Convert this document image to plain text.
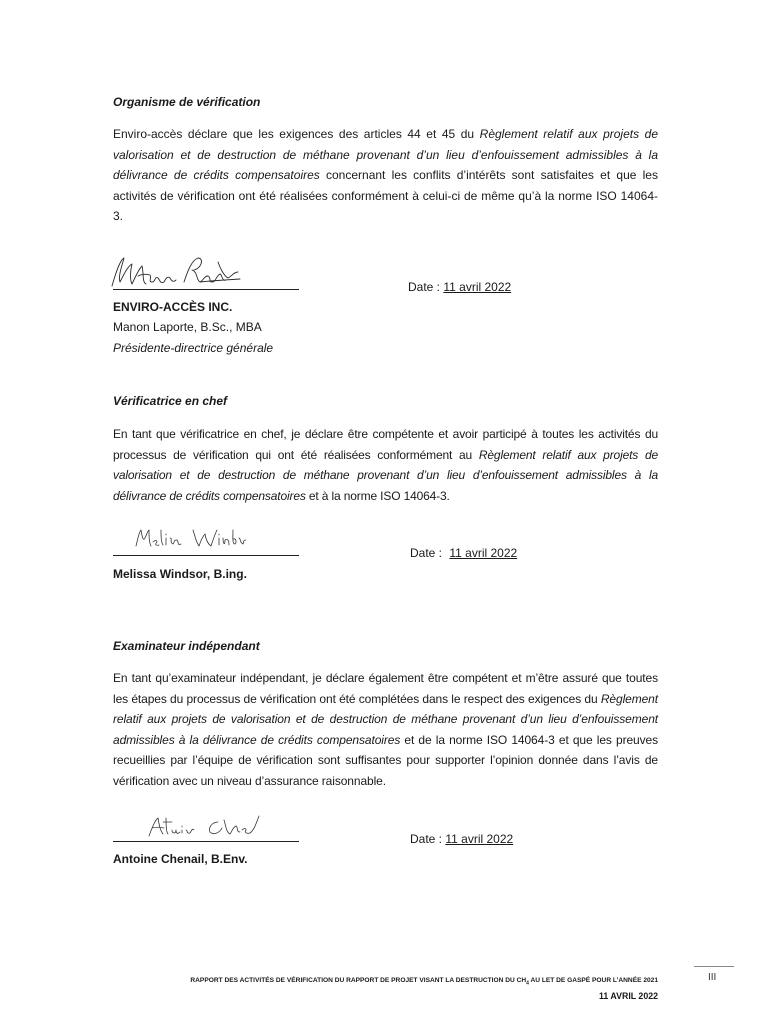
Organisme de vérification

Enviro-accès déclare que les exigences des articles 44 et 45 du Règlement relatif aux projets de valorisation et de destruction de méthane provenant d’un lieu d’enfouissement admissibles à la délivrance de crédits compensatoires concernant les conflits d’intérêts sont satisfaites et que les activités de vérification ont été réalisées conformément à celui-ci de même qu’à la norme ISO 14064-3.

Date : 11 avril 2022
ENVIRO-ACCÈS INC.
Manon Laporte, B.Sc., MBA
Présidente-directrice générale

Vérificatrice en chef

En tant que vérificatrice en chef, je déclare être compétente et avoir participé à toutes les activités du processus de vérification qui ont été réalisées conformément au Règlement relatif aux projets de valorisation et de destruction de méthane provenant d’un lieu d’enfouissement admissibles à la délivrance de crédits compensatoires et à la norme ISO 14064-3.

Date : 11 avril 2022
Melissa Windsor, B.ing.

Examinateur indépendant

En tant qu’examinateur indépendant, je déclare également être compétent et m’être assuré que toutes les étapes du processus de vérification ont été complétées dans le respect des exigences du Règlement relatif aux projets de valorisation et de destruction de méthane provenant d’un lieu d’enfouissement admissibles à la délivrance de crédits compensatoires et de la norme ISO 14064-3 et que les preuves recueillies par l’équipe de vérification sont suffisantes pour supporter l’opinion donnée dans l’avis de vérification avec un niveau d’assurance raisonnable.

Date : 11 avril 2022
Antoine Chenail, B.Env.
III
RAPPORT DES ACTIVITÉS DE VÉRIFICATION DU RAPPORT DE PROJET VISANT LA DESTRUCTION DU $CH_4$ AU LET DE GASPÉ POUR L’ANNÉE 2021
11 AVRIL 2022
